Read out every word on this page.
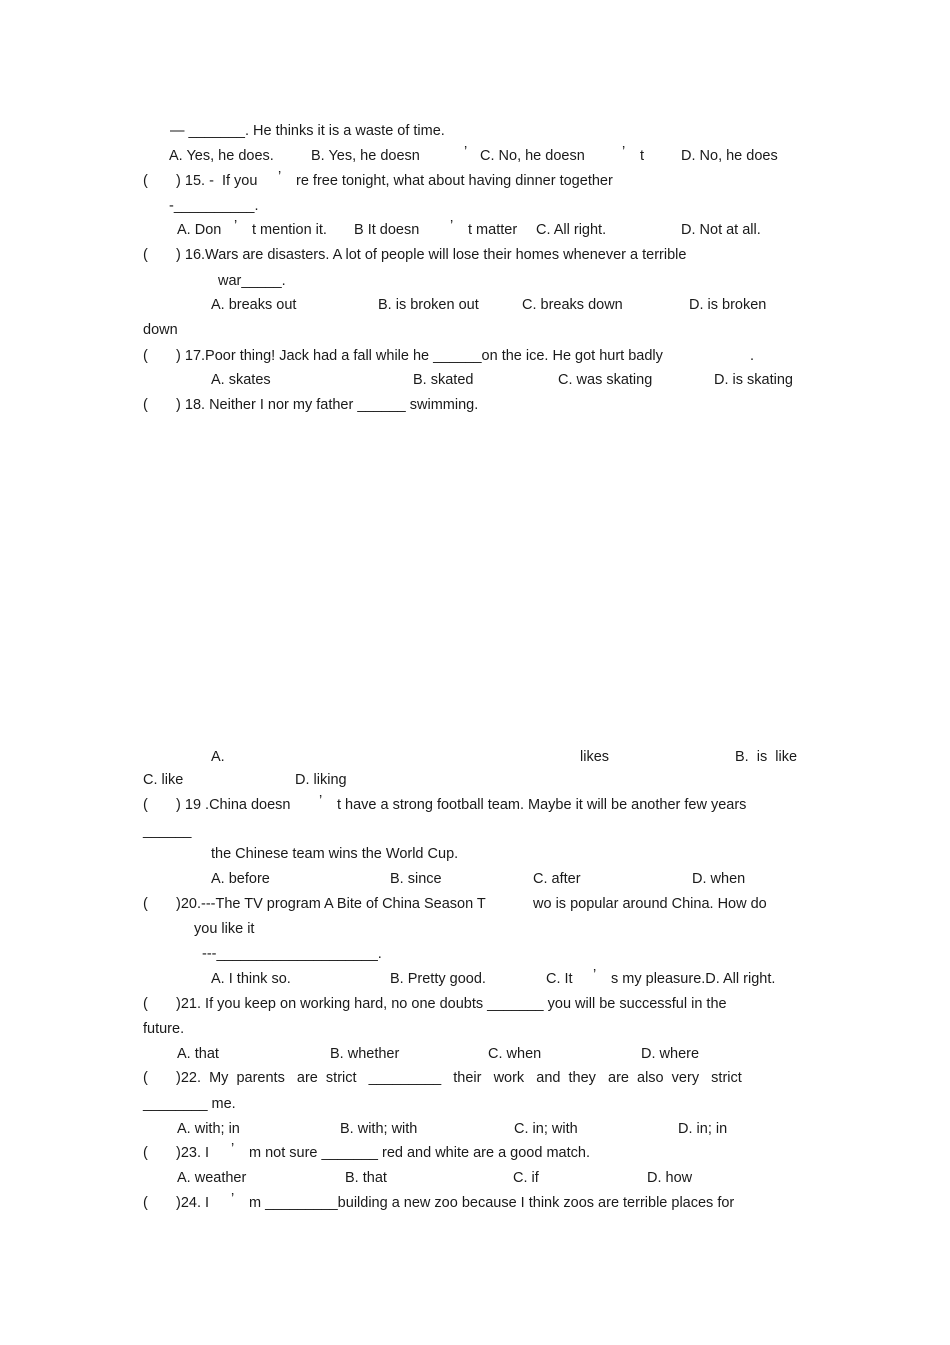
— _______. He thinks it is a waste of time.

A. Yes, he does.	B. Yes, he doesn	’ C. No, he doesn	’ t	D. No, he does

(       ) 15. -  If you ’ re free tonight, what about having dinner together

-__________.

A. Don ’ t mention it. B It doesn ’ t matter C. All right.	D. Not at all.

(       ) 16.Wars are disasters. A lot of people will lose their homes whenever a terrible

war_____.

A. breaks out	B. is broken out	C. breaks down	D. is broken

down

(       ) 17.Poor thing! Jack had a fall while he ______on the ice. He got hurt badly	.

A. skates	B. skated	C. was skating	D. is skating

(       ) 18. Neither I nor my father ______ swimming.

A.	likes	B.  is  like

C. like	D. liking

(       ) 19 .China doesn ’ t have a strong football team. Maybe it will be another few years

______

the Chinese team wins the World Cup.

A. before	B. since	C. after	D. when

(       )20.---The TV program A Bite of China Season T	wo is popular around China. How do

you like it

---____________________.

A. I think so.	B. Pretty good.	C. It ’ s my pleasure.D. All right.

(       )21. If you keep on working hard, no one doubts _______ you will be successful in the

future.

A. that	B. whether	C. when	D. where

(       )22.  My  parents   are  strict   _________   their   work   and  they   are  also  very   strict

________ me.

A. with; in	B. with; with	C. in; with	D. in; in

(       )23. I ’ m not sure _______ red and white are a good match.

A. weather	B. that	C. if	D. how

(       )24. I ’ m _________building a new zoo because I think zoos are terrible places for
